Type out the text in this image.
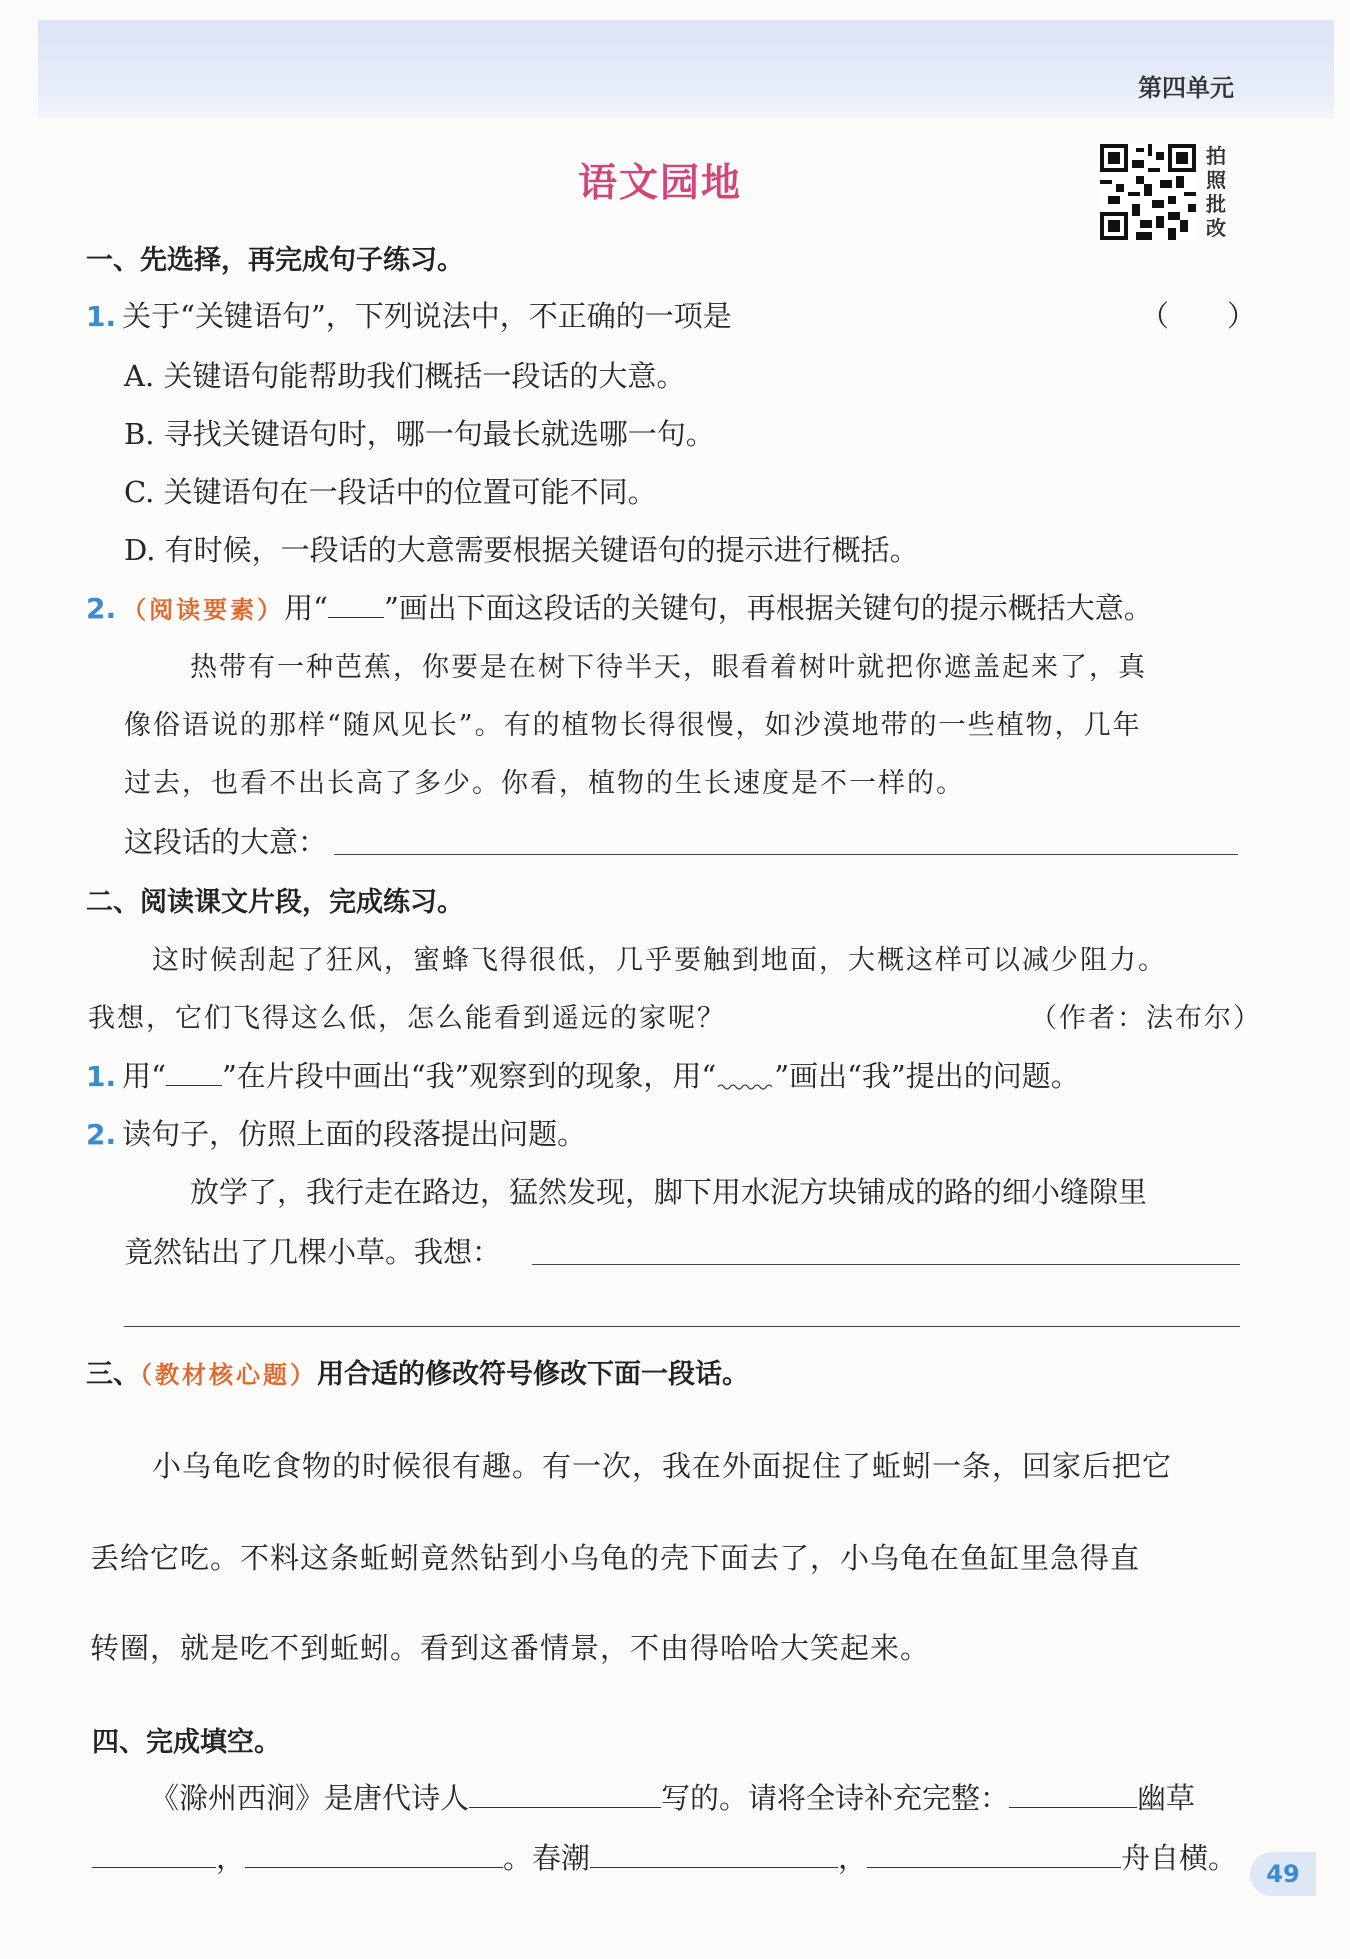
第四单元
语文园地
拍照批改
一、先选择，再完成句子练习。
1. 关于“关键语句”，下列说法中，不正确的一项是	（　　）
A. 关键语句能帮助我们概括一段话的大意。
B. 寻找关键语句时，哪一句最长就选哪一句。
C. 关键语句在一段话中的位置可能不同。
D. 有时候，一段话的大意需要根据关键语句的提示进行概括。
2. （阅读要素）用“ ”画出下面这段话的关键句，再根据关键句的提示概括大意。
热带有一种芭蕉，你要是在树下待半天，眼看着树叶就把你遮盖起来了，真
像俗语说的那样“随风见长”。有的植物长得很慢，如沙漠地带的一些植物，几年
过去，也看不出长高了多少。你看，植物的生长速度是不一样的。
这段话的大意：
二、阅读课文片段，完成练习。
这时候刮起了狂风，蜜蜂飞得很低，几乎要触到地面，大概这样可以减少阻力。
我想，它们飞得这么低，怎么能看到遥远的家呢？	（作者：法布尔）
1. 用“ ”在片段中画出“我”观察到的现象，用“ ”画出“我”提出的问题。
2. 读句子，仿照上面的段落提出问题。
放学了，我行走在路边，猛然发现，脚下用水泥方块铺成的路的细小缝隙里
竟然钻出了几棵小草。我想：
三、（教材核心题）用合适的修改符号修改下面一段话。
小乌龟吃食物的时候很有趣。有一次，我在外面捉住了蚯蚓一条，回家后把它
丢给它吃。不料这条蚯蚓竟然钻到小乌龟的壳下面去了，小乌龟在鱼缸里急得直
转圈，就是吃不到蚯蚓。看到这番情景，不由得哈哈大笑起来。
四、完成填空。
《滁州西涧》是唐代诗人	写的。请将全诗补充完整：	幽草
，	。春潮	，	舟自横。	49
